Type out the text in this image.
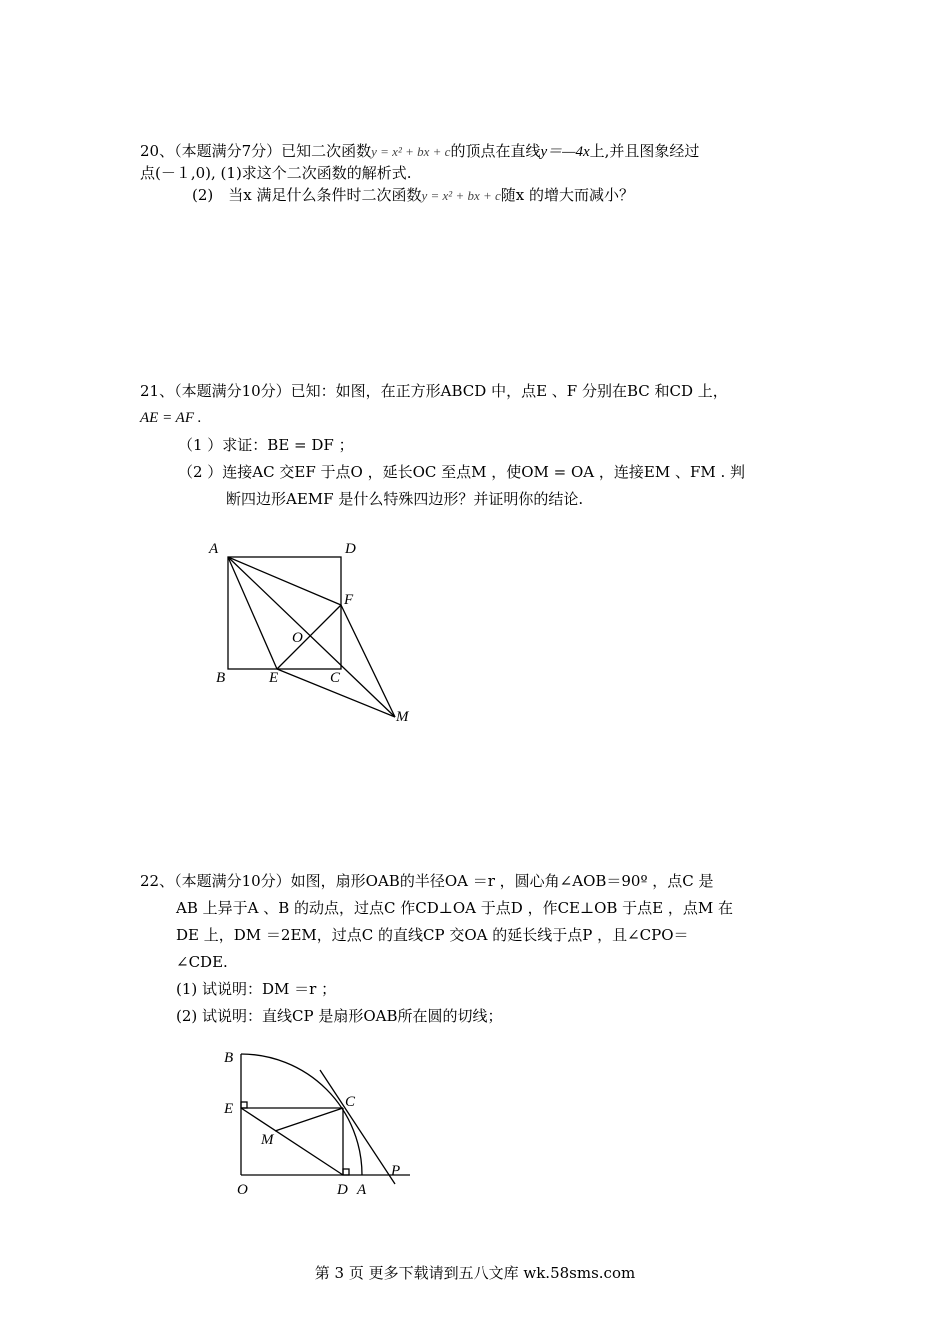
20、（本题满分7分）已知二次函数y = x² + bx + c的顶点在直线y＝—4x上,并且图象经过
点(－１,0), (1)求这个二次函数的解析式.
(2)　当x 满足什么条件时二次函数y = x² + bx + c随x 的增大而减小？
21、（本题满分10分）已知：如图，在正方形ABCD 中，点E 、F 分别在BC 和CD 上，
AE = AF .
（1 ）求证：BE = DF ；
（2 ）连接AC 交EF 于点O ，延长OC 至点M ，使OM = OA ，连接EM 、FM . 判
断四边形AEMF 是什么特殊四边形？并证明你的结论.
A	D
F
O
B	E	C
M
22、（本题满分10分）如图，扇形OAB的半径OA ＝r ，圆心角∠AOB＝90º ，点C 是
AB 上异于A 、B 的动点，过点C 作CD⊥OA 于点D ，作CE⊥OB 于点E ，点M 在
DE 上，DM ＝2EM，过点C 的直线CP 交OA 的延长线于点P ，且∠CPO＝
∠CDE.
(1) 试说明：DM ＝r ；
(2) 试说明：直线CP 是扇形OAB所在圆的切线；
B
E	C
M
P
O	D A
第 3 页 更多下载请到五八文库 wk.58sms.com
